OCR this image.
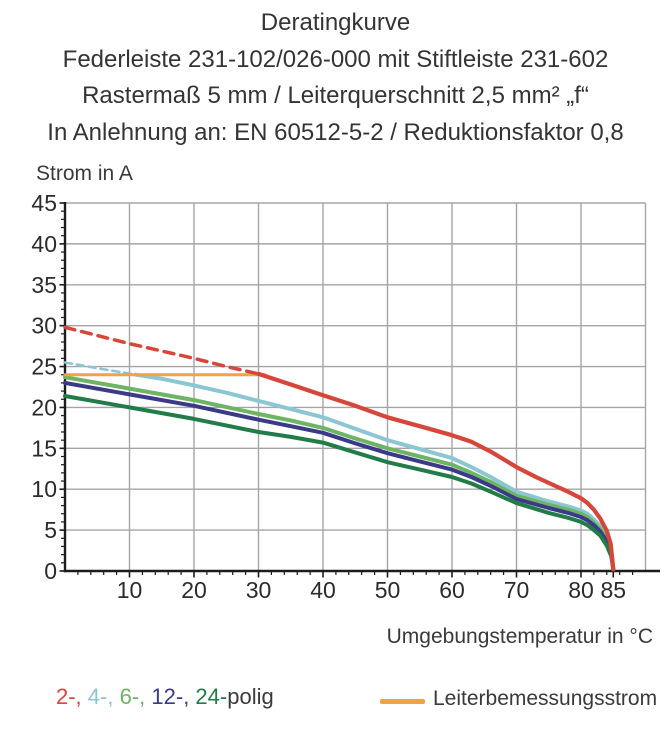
Deratingkurve
Federleiste 231-102/026-000 mit Stiftleiste 231-602
Rastermaß 5 mm / Leiterquerschnitt 2,5 mm² „f“
In Anlehnung an: EN 60512-5-2 / Reduktionsfaktor 0,8
Strom in A
10 20 30 40 50 60 70 80 85
0
5
10
15
20
25
30
35
40
45
Umgebungstemperatur in °C
2-, 4-, 6-, 12-, 24-polig	Leiterbemessungsstrom
